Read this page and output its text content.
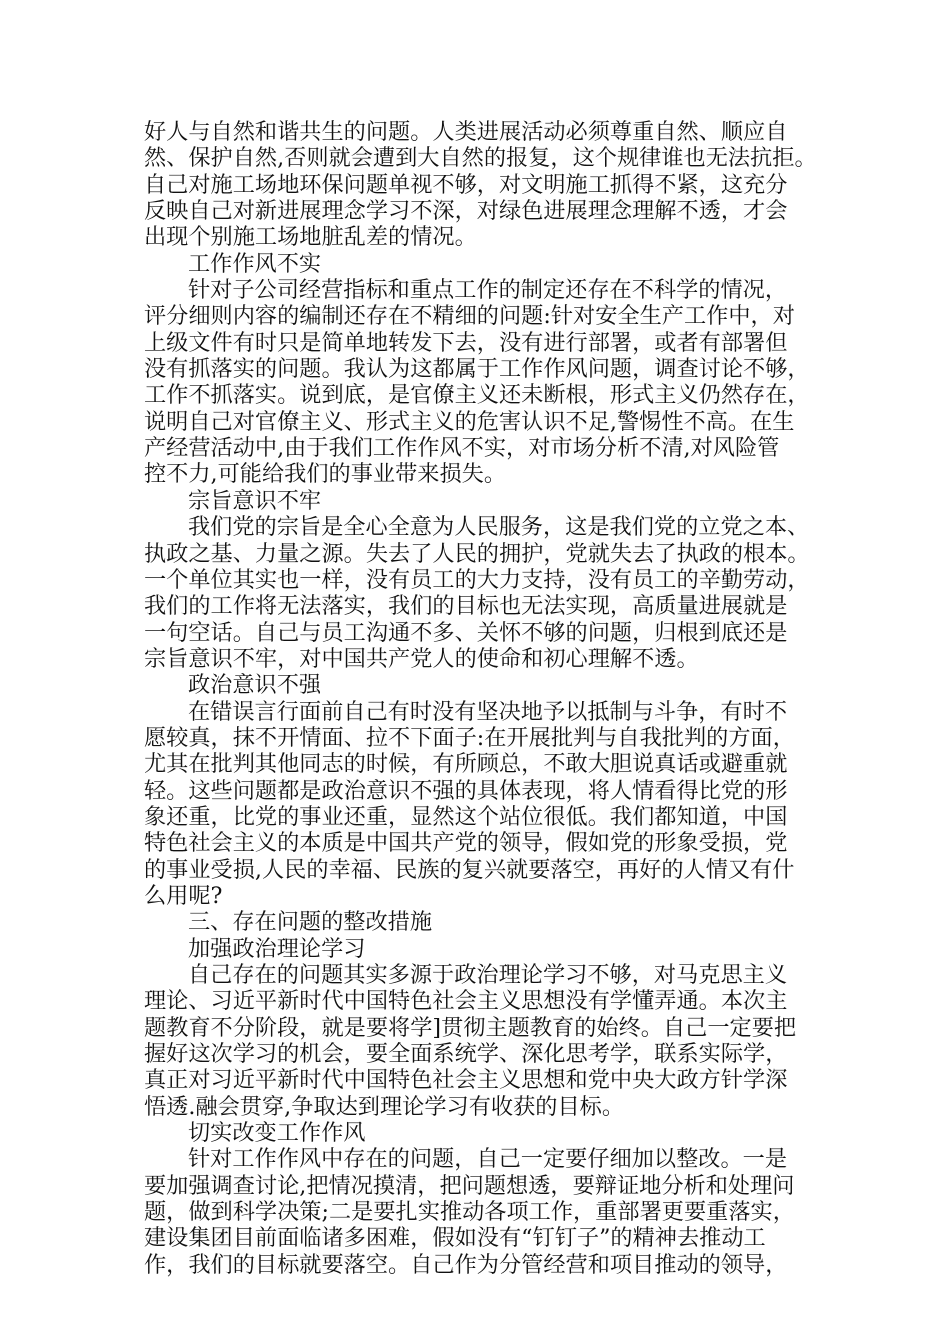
好人与自然和谐共生的问题。人类进展活动必须尊重自然、顺应自
然、保护自然,否则就会遭到大自然的报复，这个规律谁也无法抗拒。
自己对施工场地环保问题单视不够，对文明施工抓得不紧，这充分
反映自己对新进展理念学习不深，对绿色进展理念理解不透，才会
出现个别施工场地脏乱差的情况。
工作作风不实
针对子公司经营指标和重点工作的制定还存在不科学的情况，
评分细则内容的编制还存在不精细的问题:针对安全生产工作中，对
上级文件有时只是简单地转发下去，没有进行部署，或者有部署但
没有抓落实的问题。我认为这都属于工作作风问题，调查讨论不够，
工作不抓落实。说到底，是官僚主义还未断根，形式主义仍然存在，
说明自己对官僚主义、形式主义的危害认识不足,警惕性不高。在生
产经营活动中,由于我们工作作风不实，对市场分析不清,对风险管
控不力,可能给我们的事业带来损失。
宗旨意识不牢
我们党的宗旨是全心全意为人民服务，这是我们党的立党之本、
执政之基、力量之源。失去了人民的拥护，党就失去了执政的根本。
一个单位其实也一样，没有员工的大力支持，没有员工的辛勤劳动，
我们的工作将无法落实，我们的目标也无法实现，高质量进展就是
一句空话。自己与员工沟通不多、关怀不够的问题，归根到底还是
宗旨意识不牢，对中国共产党人的使命和初心理解不透。
政治意识不强
在错误言行面前自己有时没有坚决地予以抵制与斗争，有时不
愿较真，抹不开情面、拉不下面子:在开展批判与自我批判的方面，
尤其在批判其他同志的时候，有所顾总，不敢大胆说真话或避重就
轻。这些问题都是政治意识不强的具体表现，将人情看得比党的形
象还重，比党的事业还重，显然这个站位很低。我们都知道，中国
特色社会主义的本质是中国共产党的领导，假如党的形象受损，党
的事业受损,人民的幸福、民族的复兴就要落空，再好的人情又有什
么用呢?
三、存在问题的整改措施
加强政治理论学习
自己存在的问题其实多源于政治理论学习不够，对马克思主义
理论、习近平新时代中国特色社会主义思想没有学懂弄通。本次主
题教育不分阶段，就是要将学]贯彻主题教育的始终。自己一定要把
握好这次学习的机会，要全面系统学、深化思考学，联系实际学，
真正对习近平新时代中国特色社会主义思想和党中央大政方针学深
悟透.融会贯穿,争取达到理论学习有收获的目标。
切实改变工作作风
针对工作作风中存在的问题，自己一定要仔细加以整改。一是
要加强调查讨论,把情况摸清，把问题想透，要辩证地分析和处理问
题，做到科学决策;二是要扎实推动各项工作，重部署更要重落实，
建设集团目前面临诸多困难，假如没有“钉钉子”的精神去推动工
作，我们的目标就要落空。自己作为分管经营和项目推动的领导，
